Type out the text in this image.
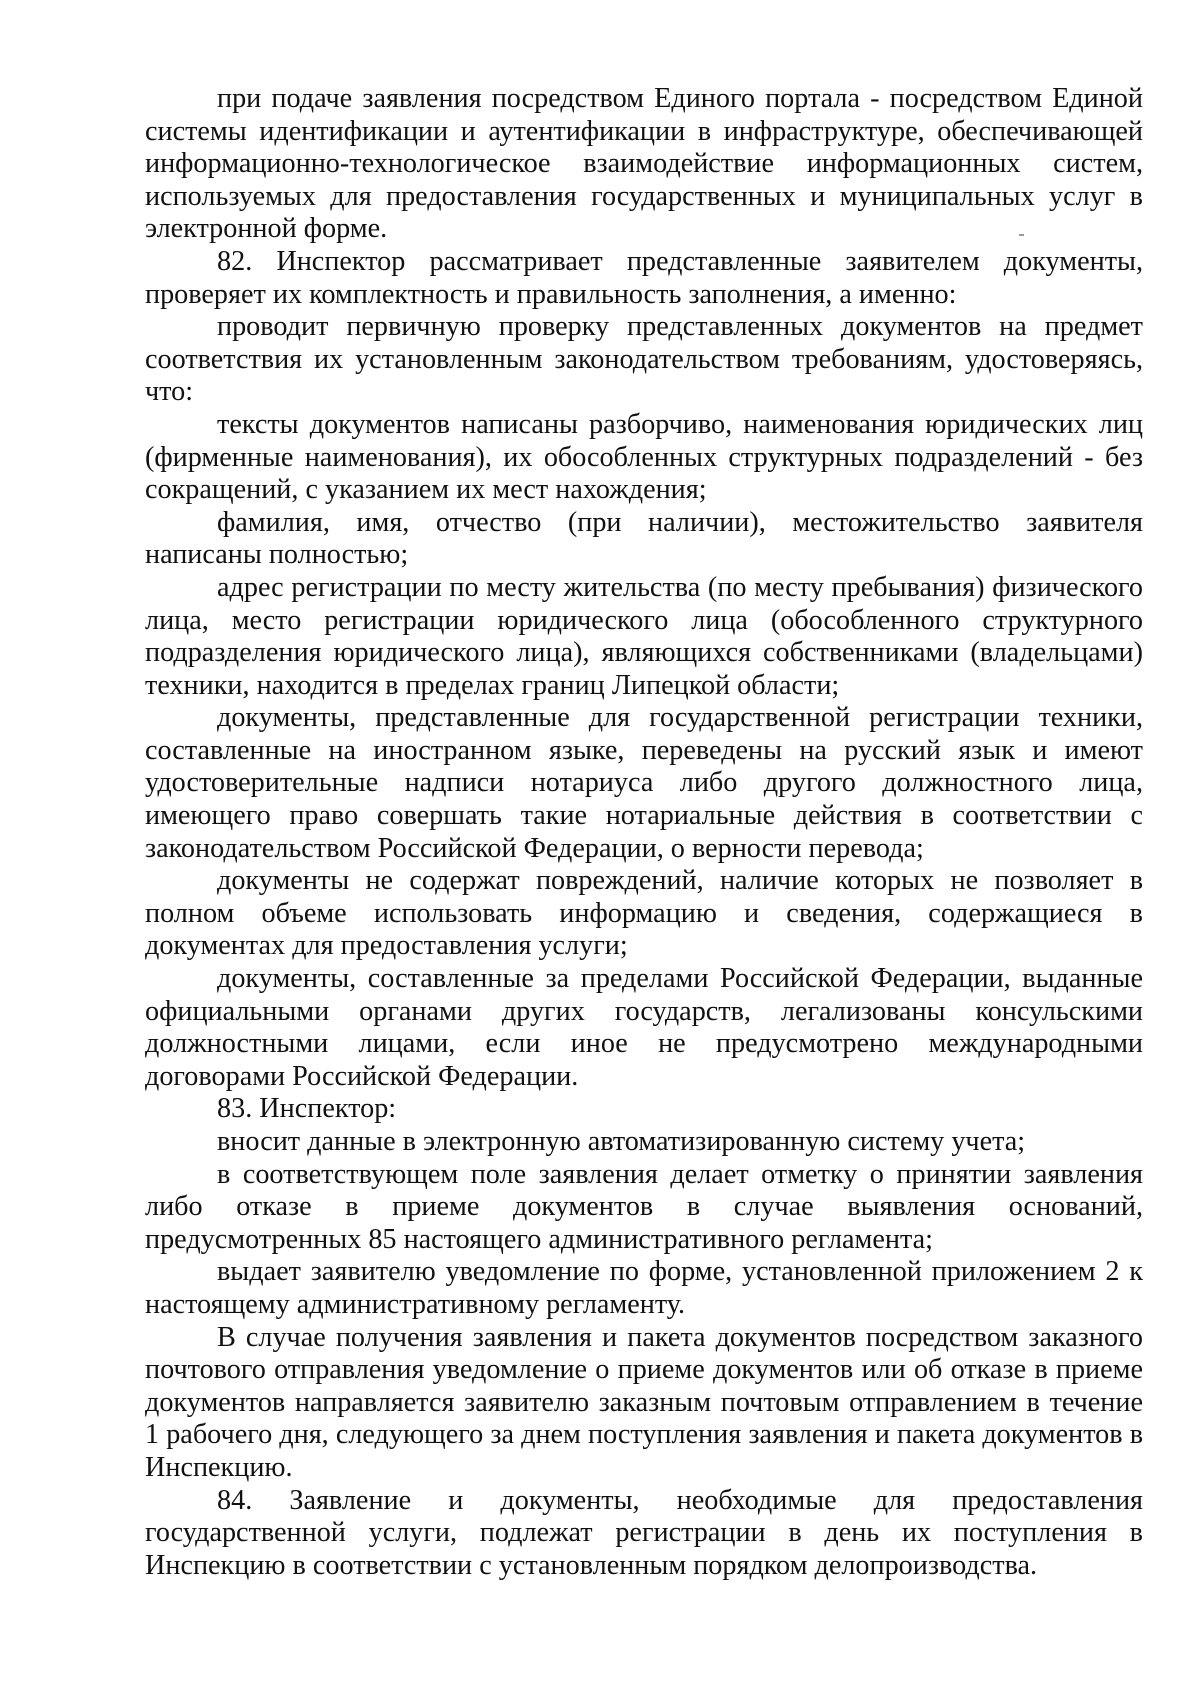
при подаче заявления посредством Единого портала - посредством Единой системы идентификации и аутентификации в инфраструктуре, обеспечивающей информационно-технологическое взаимодействие информационных систем, используемых для предоставления государственных и муниципальных услуг в электронной форме.

82. Инспектор рассматривает представленные заявителем документы, проверяет их комплектность и правильность заполнения, а именно:

проводит первичную проверку представленных документов на предмет соответствия их установленным законодательством требованиям, удостоверяясь, что:

тексты документов написаны разборчиво, наименования юридических лиц (фирменные наименования), их обособленных структурных подразделений - без сокращений, с указанием их мест нахождения;

фамилия, имя, отчество (при наличии), местожительство заявителя написаны полностью;

адрес регистрации по месту жительства (по месту пребывания) физического лица, место регистрации юридического лица (обособленного структурного подразделения юридического лица), являющихся собственниками (владельцами) техники, находится в пределах границ Липецкой области;

документы, представленные для государственной регистрации техники, составленные на иностранном языке, переведены на русский язык и имеют удостоверительные надписи нотариуса либо другого должностного лица, имеющего право совершать такие нотариальные действия в соответствии с законодательством Российской Федерации, о верности перевода;

документы не содержат повреждений, наличие которых не позволяет в полном объеме использовать информацию и сведения, содержащиеся в документах для предоставления услуги;

документы, составленные за пределами Российской Федерации, выданные официальными органами других государств, легализованы консульскими должностными лицами, если иное не предусмотрено международными договорами Российской Федерации.

83. Инспектор:

вносит данные в электронную автоматизированную систему учета;

в соответствующем поле заявления делает отметку о принятии заявления либо отказе в приеме документов в случае выявления оснований, предусмотренных 85 настоящего административного регламента;

выдает заявителю уведомление по форме, установленной приложением 2 к настоящему административному регламенту.

В случае получения заявления и пакета документов посредством заказного почтового отправления уведомление о приеме документов или об отказе в приеме документов направляется заявителю заказным почтовым отправлением в течение 1 рабочего дня, следующего за днем поступления заявления и пакета документов в Инспекцию.

84. Заявление и документы, необходимые для предоставления государственной услуги, подлежат регистрации в день их поступления в Инспекцию в соответствии с установленным порядком делопроизводства.
